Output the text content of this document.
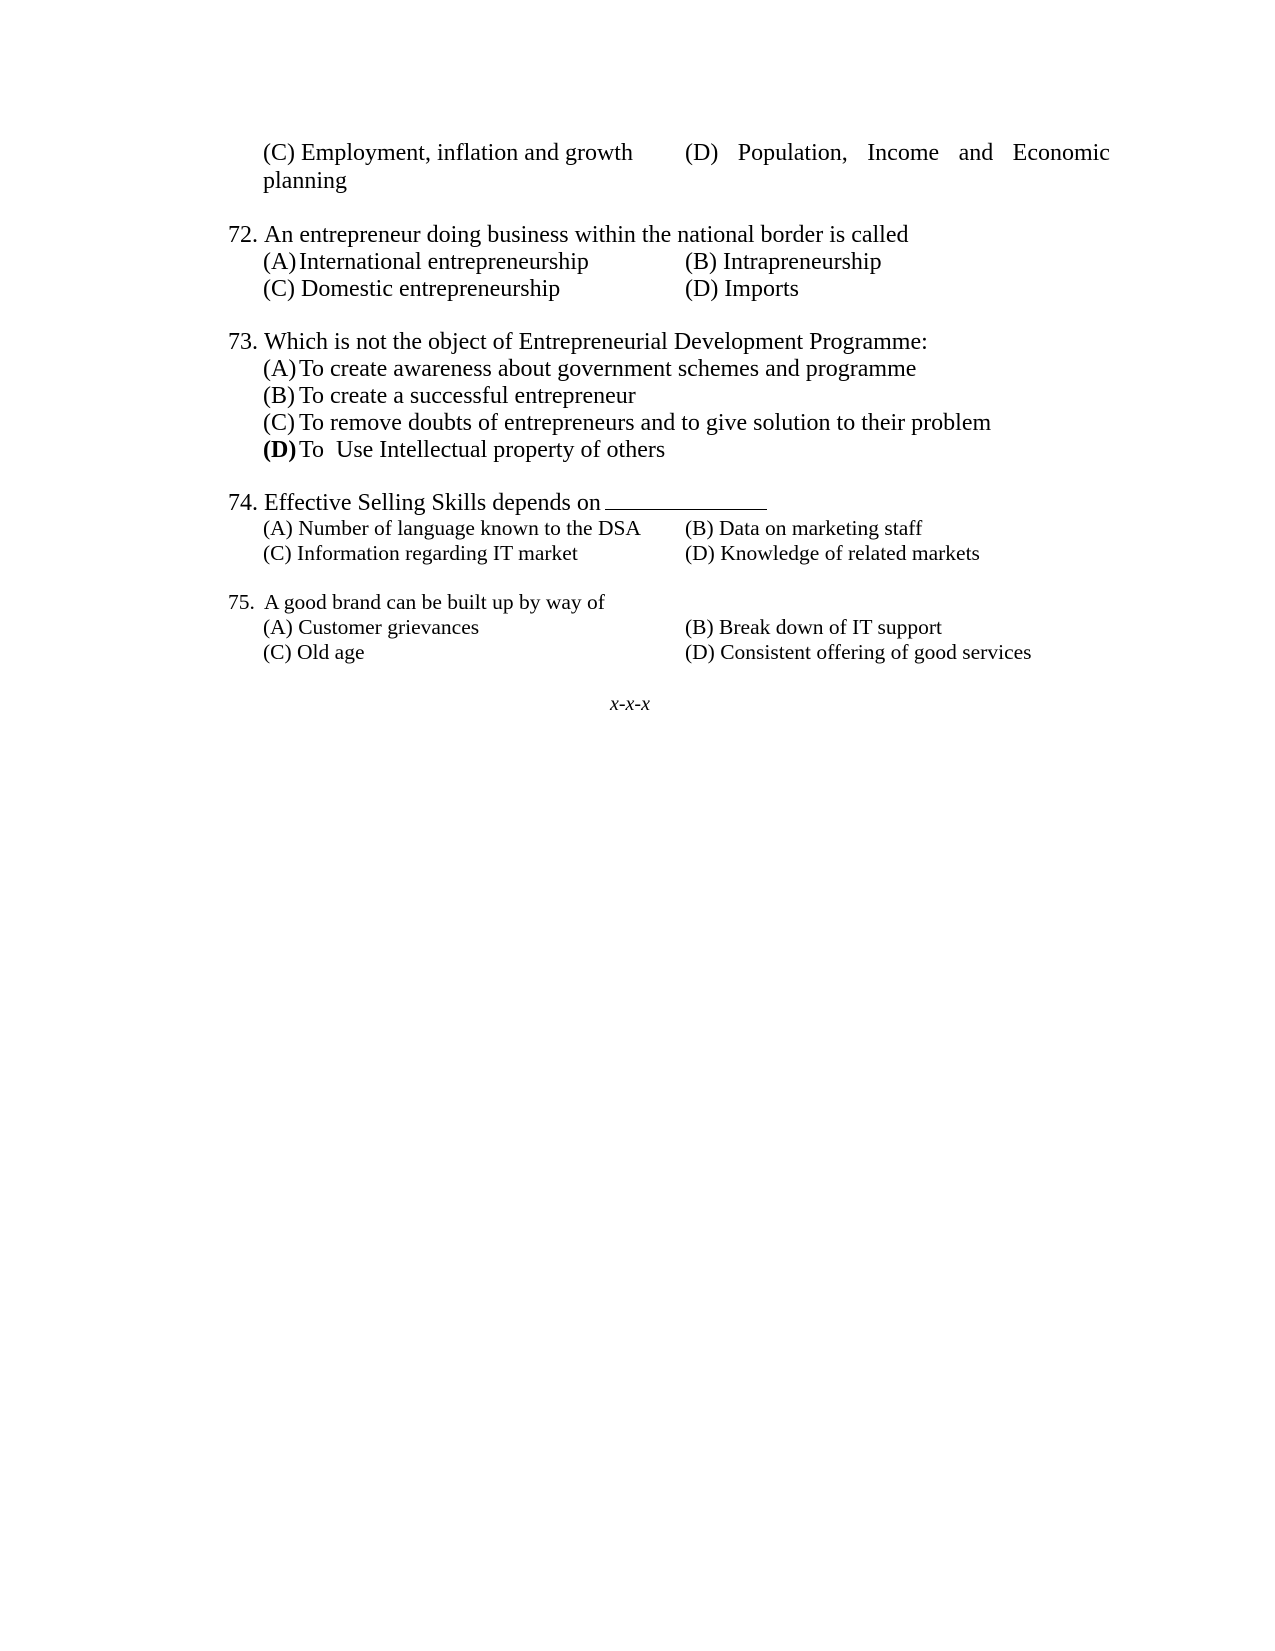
(C) Employment, inflation and growth (D) Population, Income and Economic
planning
72. An entrepreneur doing business within the national border is called
(A) International entrepreneurship	(B) Intrapreneurship
(C) Domestic entrepreneurship	(D) Imports
73. Which is not the object of Entrepreneurial Development Programme:
(A) To create awareness about government schemes and programme
(B) To create a successful entrepreneur
(C) To remove doubts of entrepreneurs and to give solution to their problem
(D) To  Use Intellectual property of others
74. Effective Selling Skills depends on
(A) Number of language known to the DSA (B) Data on marketing staff
(C) Information regarding IT market	(D) Knowledge of related markets
75. A good brand can be built up by way of
(A) Customer grievances	(B) Break down of IT support
(C) Old age	(D) Consistent offering of good services
x-x-x
